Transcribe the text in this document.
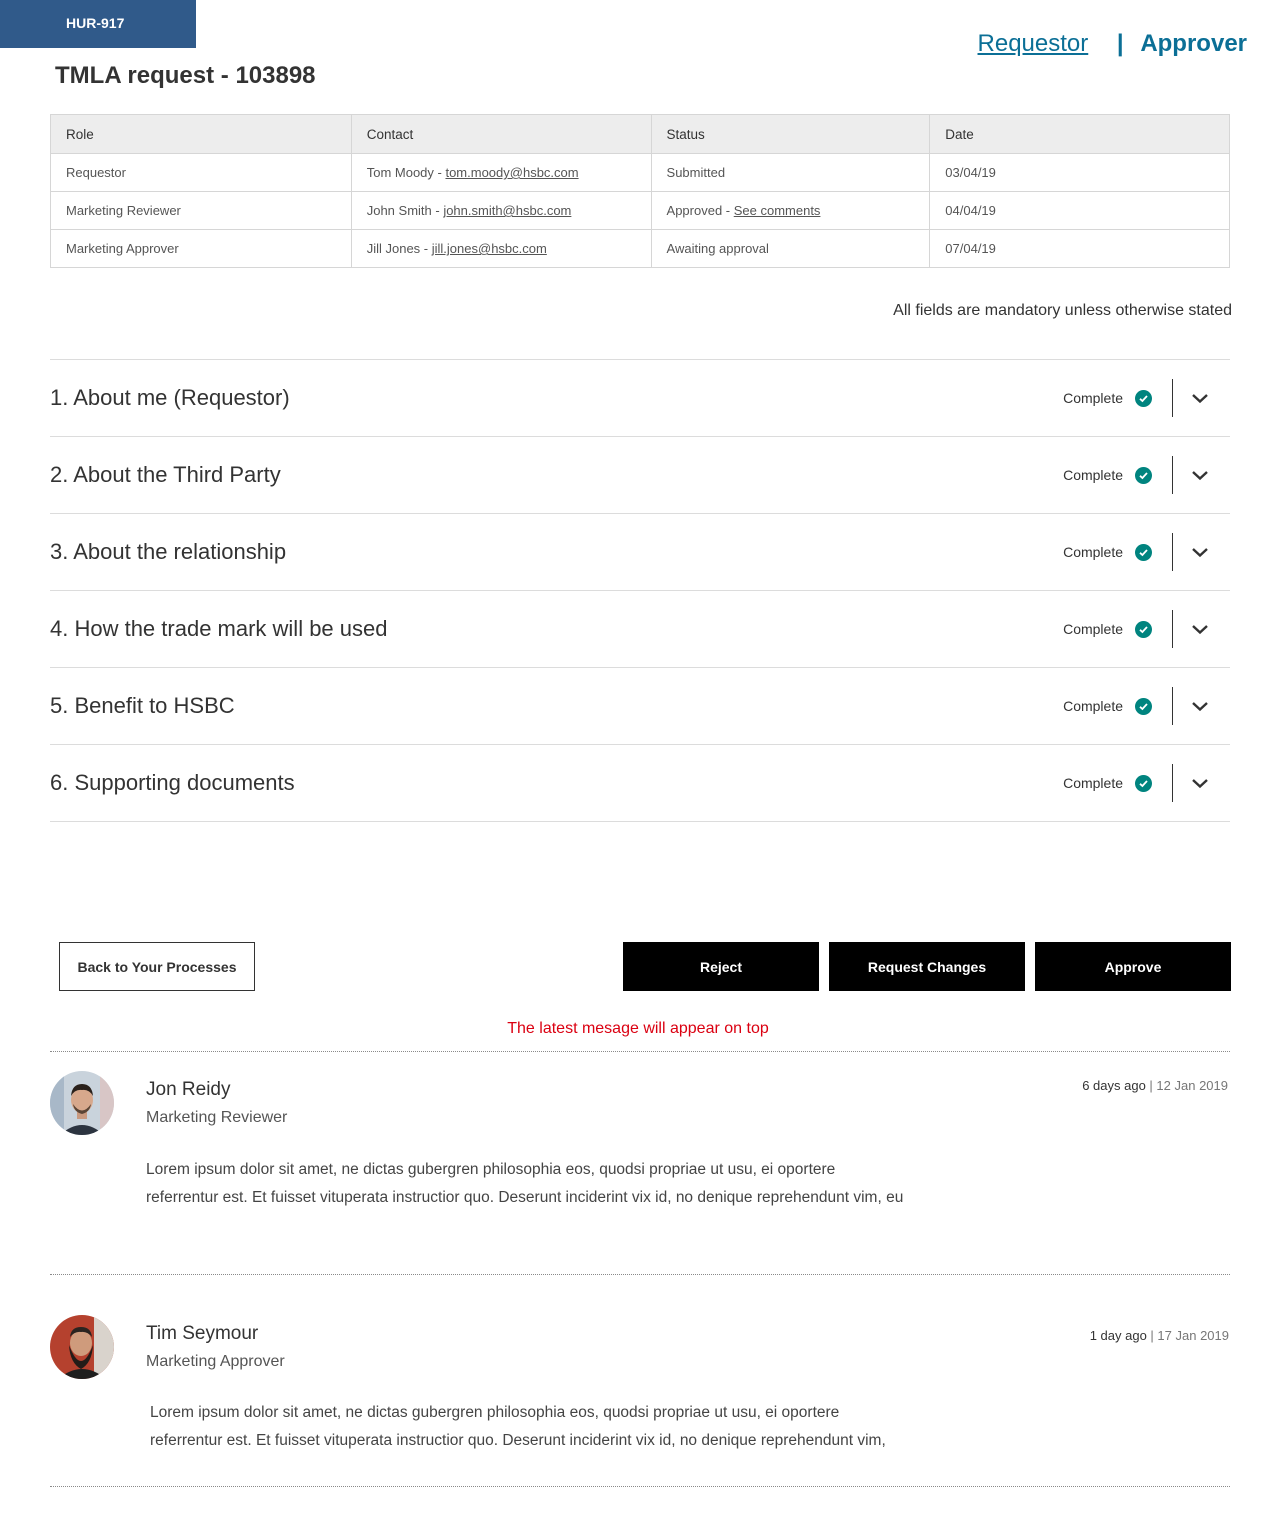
HUR-917
Requestor | Approver
TMLA request - 103898
Role	Contact	Status	Date
Requestor	Tom Moody - tom.moody@hsbc.com	Submitted	03/04/19
Marketing Reviewer	John Smith - john.smith@hsbc.com	Approved - See comments	04/04/19
Marketing Approver	Jill Jones - jill.jones@hsbc.com	Awaiting approval	07/04/19
All fields are mandatory unless otherwise stated
1. About me (Requestor)	Complete
2. About the Third Party	Complete
3. About the relationship	Complete
4. How the trade mark will be used	Complete
5. Benefit to HSBC	Complete
6. Supporting documents	Complete
Back to Your Processes	Reject	Request Changes	Approve
The latest mesage will appear on top
Jon Reidy
Marketing Reviewer
6 days ago | 12 Jan 2019
Lorem ipsum dolor sit amet, ne dictas gubergren philosophia eos, quodsi propriae ut usu, ei oportere
referrentur est. Et fuisset vituperata instructior quo. Deserunt inciderint vix id, no denique reprehendunt vim, eu
Tim Seymour
Marketing Approver
1 day ago | 17 Jan 2019
Lorem ipsum dolor sit amet, ne dictas gubergren philosophia eos, quodsi propriae ut usu, ei oportere
referrentur est. Et fuisset vituperata instructior quo. Deserunt inciderint vix id, no denique reprehendunt vim,
